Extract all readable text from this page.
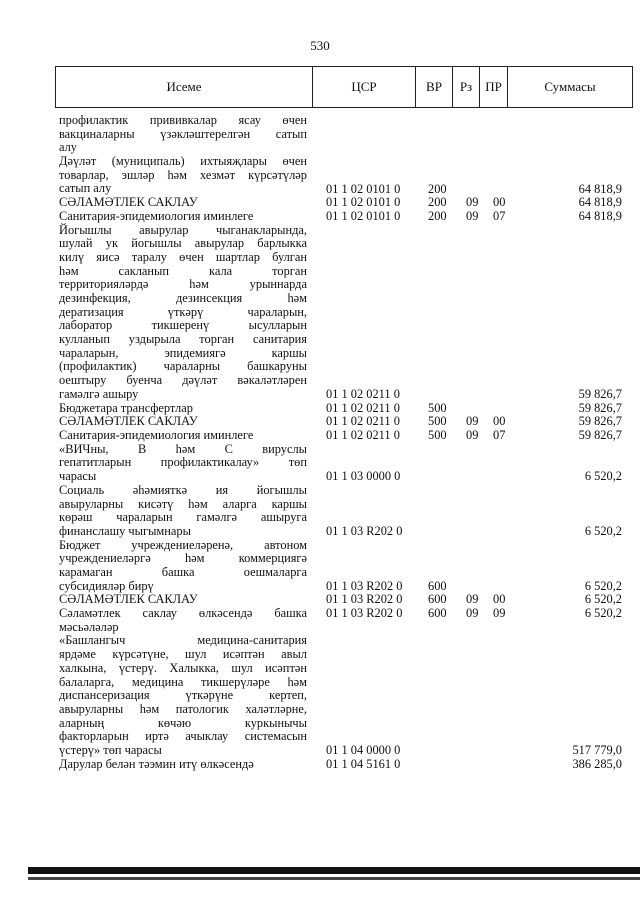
530
Исеме	ЦСР	ВР	Рз	ПР	Суммасы
профилактик прививкалар ясау өчен
вакциналарны үзәкләштерелгән сатып
алу
Дәүләт (муниципаль) ихтыяҗлары өчен
товарлар, эшләр һәм хезмәт күрсәтүләр
сатып алу	01 1 02 0101 0	200	64 818,9
СӘЛАМӘТЛЕК САКЛАУ	01 1 02 0101 0	200	09	00	64 818,9
Санитария-эпидемиология иминлеге	01 1 02 0101 0	200	09	07	64 818,9
Йогышлы авырулар чыганакларында,
шулай ук йогышлы авырулар барлыкка
килү яисә таралу өчен шартлар булган
һәм сакланып кала торган
территорияләрдә һәм урыннарда
дезинфекция, дезинсекция һәм
дератизация үткәрү чараларын,
лаборатор тикшеренү ысулларын
кулланып уздырыла торган санитария
чараларын, эпидемиягә каршы
(профилактик) чараларны башкаруны
оештыру буенча дәүләт вәкаләтләрен
гамәлгә ашыру	01 1 02 0211 0	59 826,7
Бюджетара трансфертлар	01 1 02 0211 0	500	59 826,7
СӘЛАМӘТЛЕК САКЛАУ	01 1 02 0211 0	500	09	00	59 826,7
Санитария-эпидемиология иминлеге	01 1 02 0211 0	500	09	07	59 826,7
«ВИЧны, В һәм С вируслы
гепатитларын профилактикалау» төп
чарасы	01 1 03 0000 0	6 520,2
Социаль әһәмияткә ия йогышлы
авыруларны кисәтү һәм аларга каршы
көрәш чараларын гамәлгә ашыруга
финанслашу чыгымнары	01 1 03 R202 0	6 520,2
Бюджет учреждениеләренә, автоном
учреждениеләргә һәм коммерциягә
карамаган башка оешмаларга
субсидияләр бирү	01 1 03 R202 0	600	6 520,2
СӘЛАМӘТЛЕК САКЛАУ	01 1 03 R202 0	600	09	00	6 520,2
Сәламәтлек саклау өлкәсендә башка
мәсьәләләр
01 1 03 R202 0	600	09	09	6 520,2
«Башлангыч медицина-санитария
ярдәме күрсәтүне, шул исәптән авыл
халкына, үстерү. Халыкка, шул исәптән
балаларга, медицина тикшерүләре һәм
диспансеризация үткәрүне кертеп,
авыруларны һәм патологик халәтләрне,
аларның көчәю куркынычы
факторларын иртә ачыклау системасын
үстерү» төп чарасы	01 1 04 0000 0	517 779,0
Дарулар белән тәэмин итү өлкәсендә	01 1 04 5161 0	386 285,0
